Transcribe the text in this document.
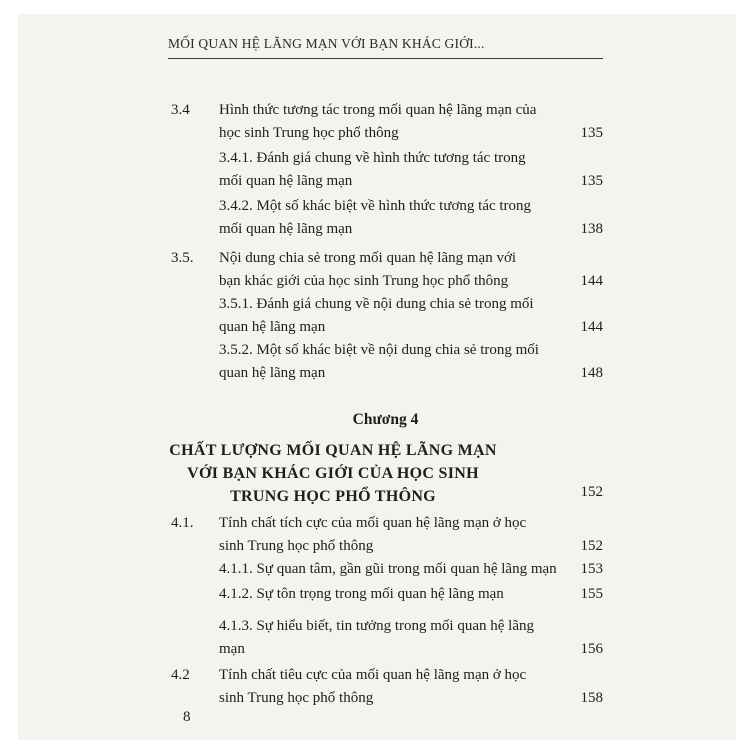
MỐI QUAN HỆ LÃNG MẠN VỚI BẠN KHÁC GIỚI...
3.4 Hình thức tương tác trong mối quan hệ lãng mạn của học sinh Trung học phổ thông	135
3.4.1. Đánh giá chung về hình thức tương tác trong mối quan hệ lãng mạn	135
3.4.2. Một số khác biệt về hình thức tương tác trong mối quan hệ lãng mạn	138
3.5. Nội dung chia sẻ trong mối quan hệ lãng mạn với bạn khác giới của học sinh Trung học phổ thông	144
3.5.1. Đánh giá chung về nội dung chia sẻ trong mối quan hệ lãng mạn	144
3.5.2. Một số khác biệt về nội dung chia sẻ trong mối quan hệ lãng mạn	148
Chương 4
CHẤT LƯỢNG MỐI QUAN HỆ LÃNG MẠN VỚI BẠN KHÁC GIỚI CỦA HỌC SINH TRUNG HỌC PHỔ THÔNG	152
4.1. Tính chất tích cực của mối quan hệ lãng mạn ở học sinh Trung học phổ thông	152
4.1.1. Sự quan tâm, gần gũi trong mối quan hệ lãng mạn	153
4.1.2. Sự tôn trọng trong mối quan hệ lãng mạn	155
4.1.3. Sự hiểu biết, tin tưởng trong mối quan hệ lãng mạn	156
4.2 Tính chất tiêu cực của mối quan hệ lãng mạn ở học sinh Trung học phổ thông	158
8
